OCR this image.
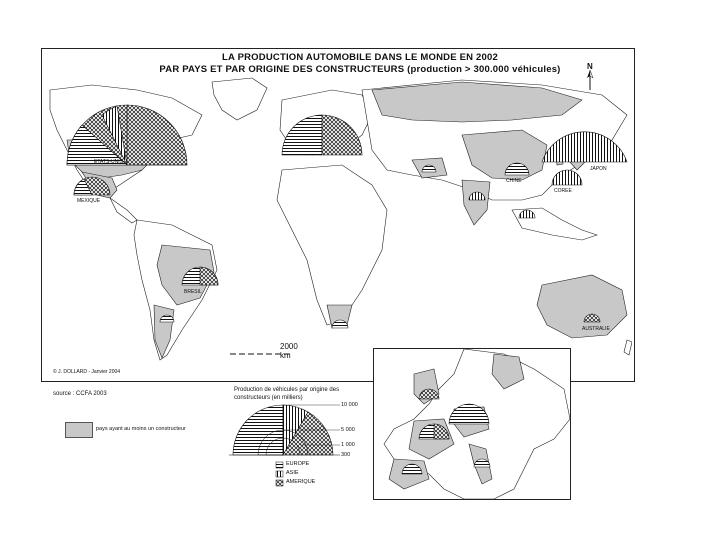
LA PRODUCTION AUTOMOBILE DANS LE MONDE EN 2002
PAR PAYS ET PAR ORIGINE DES CONSTRUCTEURS (production > 300.000 véhicules)	N
ETATS-UNIS
MEXIQUE
BRESIL
JAPON
CHINE
COREE
AUSTRALIE
2000 km
© J. DOLLARD - Janvier 2004
source : CCFA 2003
pays ayant au moins un constructeur
Production de véhicules par origine des constructeurs (en milliers)
10 000
5 000
1 000
300
EUROPE
ASIE
AMERIQUE
